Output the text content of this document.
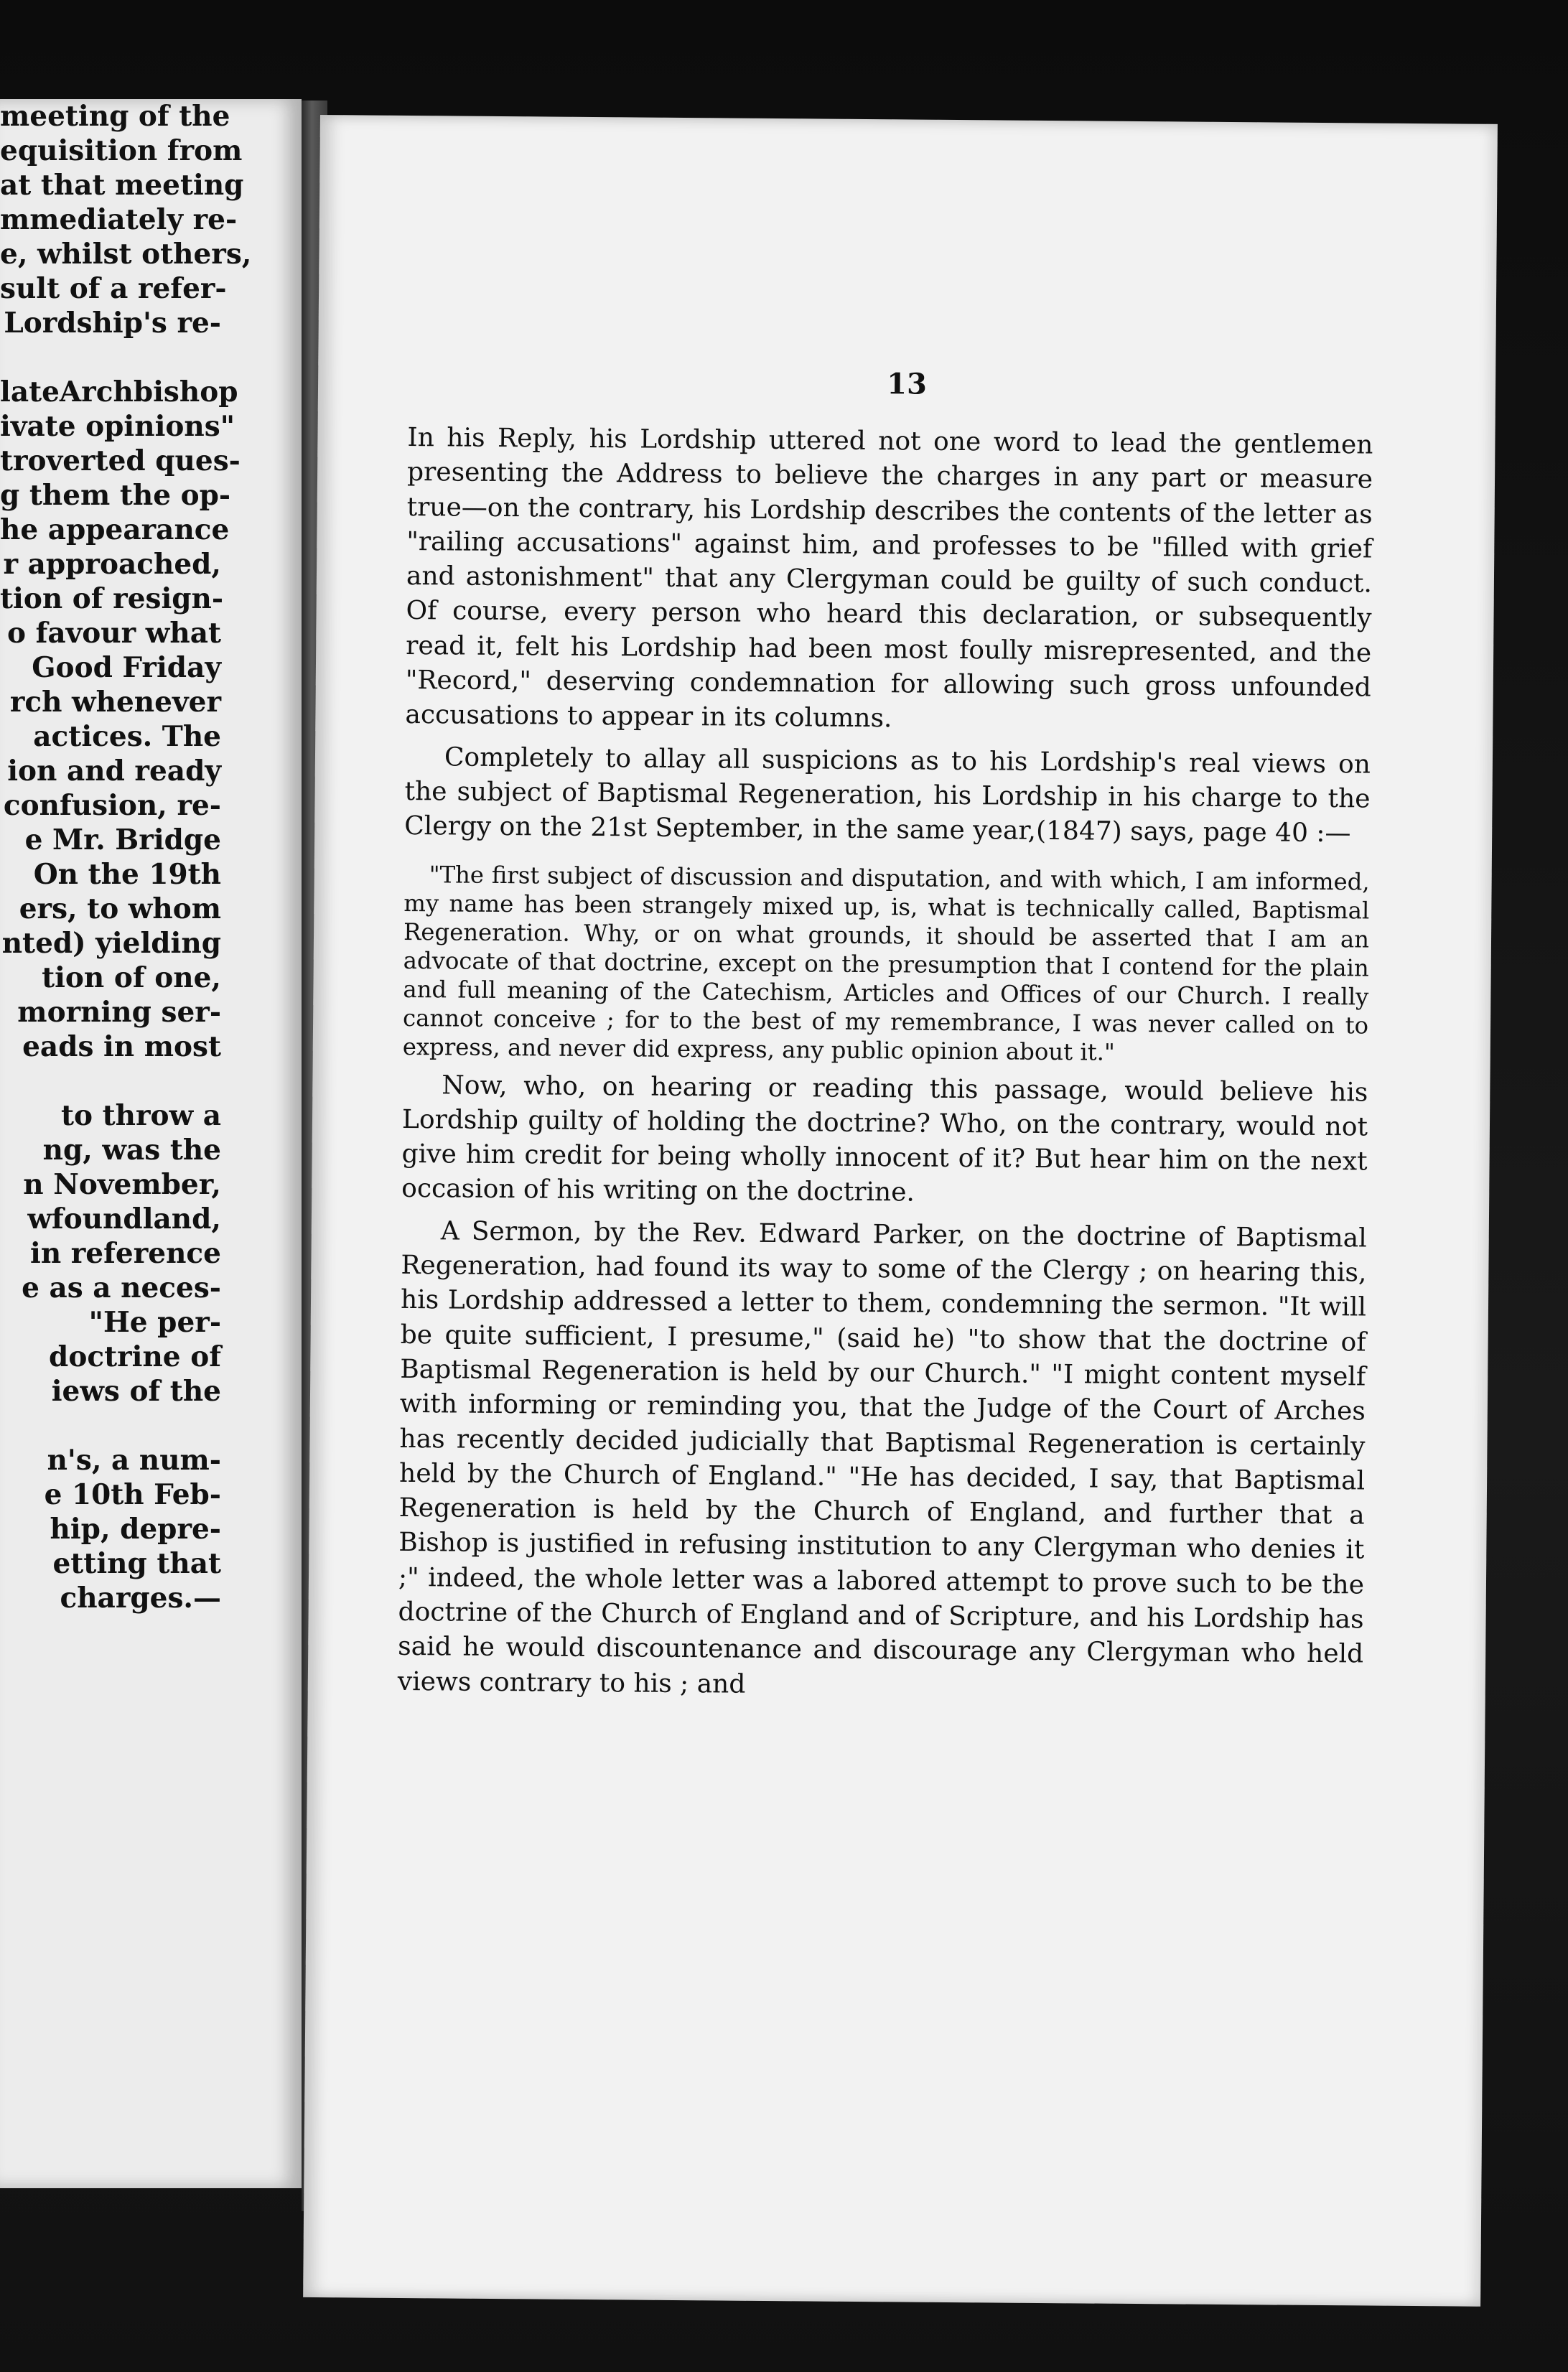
meeting of the
equisition from
at that meeting
mmediately re-
e, whilst others,
sult of a refer-
Lordship's re-
lateArchbishop
ivate opinions"
troverted ques-
g them the op-
he appearance
r approached,
tion of resign-
o favour what
Good Friday
rch whenever
actices. The
ion and ready
confusion, re-
e Mr. Bridge
On the 19th
ers, to whom
nted) yielding
tion of one,
morning ser-
eads in most
to throw a
ng, was the
n November,
wfoundland,
in reference
e as a neces-
"He per-
doctrine of
iews of the
n's, a num-
e 10th Feb-
hip, depre-
etting that
charges.—
13

In his Reply, his Lordship uttered not one word to lead the gentlemen presenting the Address to believe the charges in any part or measure true—on the contrary, his Lordship describes the contents of the letter as "railing accusations" against him, and professes to be "filled with grief and astonishment" that any Clergyman could be guilty of such conduct. Of course, every person who heard this declaration, or subsequently read it, felt his Lordship had been most foully misrepresented, and the "Record," deserving condemnation for allowing such gross unfounded accusations to appear in its columns.

Completely to allay all suspicions as to his Lordship's real views on the subject of Baptismal Regeneration, his Lordship in his charge to the Clergy on the 21st September, in the same year,(1847) says, page 40 :—

"The first subject of discussion and disputation, and with which, I am informed, my name has been strangely mixed up, is, what is technically called, Baptismal Regeneration. Why, or on what grounds, it should be asserted that I am an advocate of that doctrine, except on the presumption that I contend for the plain and full meaning of the Catechism, Articles and Offices of our Church. I really cannot conceive ; for to the best of my remembrance, I was never called on to express, and never did express, any public opinion about it."

Now, who, on hearing or reading this passage, would believe his Lordship guilty of holding the doctrine? Who, on the contrary, would not give him credit for being wholly innocent of it? But hear him on the next occasion of his writing on the doctrine.

A Sermon, by the Rev. Edward Parker, on the doctrine of Baptismal Regeneration, had found its way to some of the Clergy ; on hearing this, his Lordship addressed a letter to them, condemning the sermon. "It will be quite sufficient, I presume," (said he) "to show that the doctrine of Baptismal Regeneration is held by our Church." "I might content myself with informing or reminding you, that the Judge of the Court of Arches has recently decided judicially that Baptismal Regeneration is certainly held by the Church of England." "He has decided, I say, that Baptismal Regeneration is held by the Church of England, and further that a Bishop is justified in refusing institution to any Clergyman who denies it ;" indeed, the whole letter was a labored attempt to prove such to be the doctrine of the Church of England and of Scripture, and his Lordship has said he would discountenance and discourage any Clergyman who held views contrary to his ; and
